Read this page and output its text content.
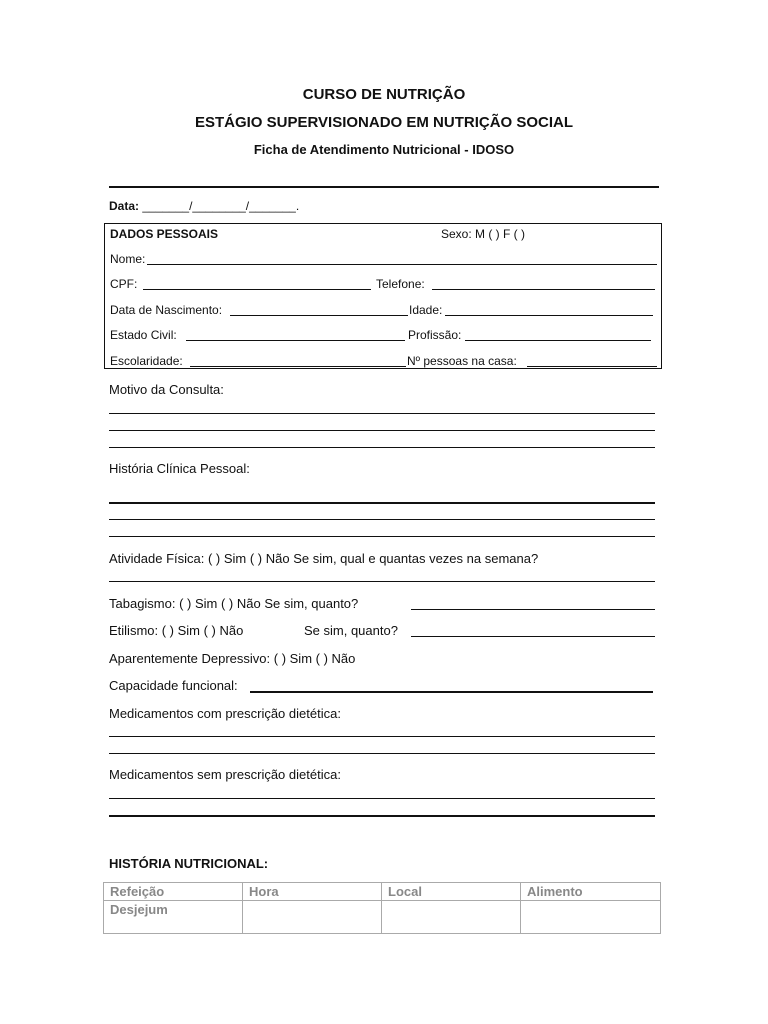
CURSO DE NUTRIÇÃO
ESTÁGIO SUPERVISIONADO EM NUTRIÇÃO SOCIAL
Ficha de Atendimento Nutricional - IDOSO
Data: _______/________/_______.
DADOS PESSOAIS	Sexo: M ( ) F ( )
Nome:
CPF:	Telefone:
Data de Nascimento:	Idade:
Estado Civil:	Profissão:
Escolaridade:	Nº pessoas na casa:
Motivo da Consulta:
História Clínica Pessoal:
Atividade Física: ( ) Sim ( ) Não Se sim, qual e quantas vezes na semana?
Tabagismo: ( ) Sim ( ) Não Se sim, quanto?
Etilismo: ( ) Sim ( ) Não	Se sim, quanto?
Aparentemente Depressivo: ( ) Sim ( ) Não
Capacidade funcional:
Medicamentos com prescrição dietética:
Medicamentos sem prescrição dietética:
HISTÓRIA NUTRICIONAL:
Refeição	Hora	Local	Alimento
Desjejum			
